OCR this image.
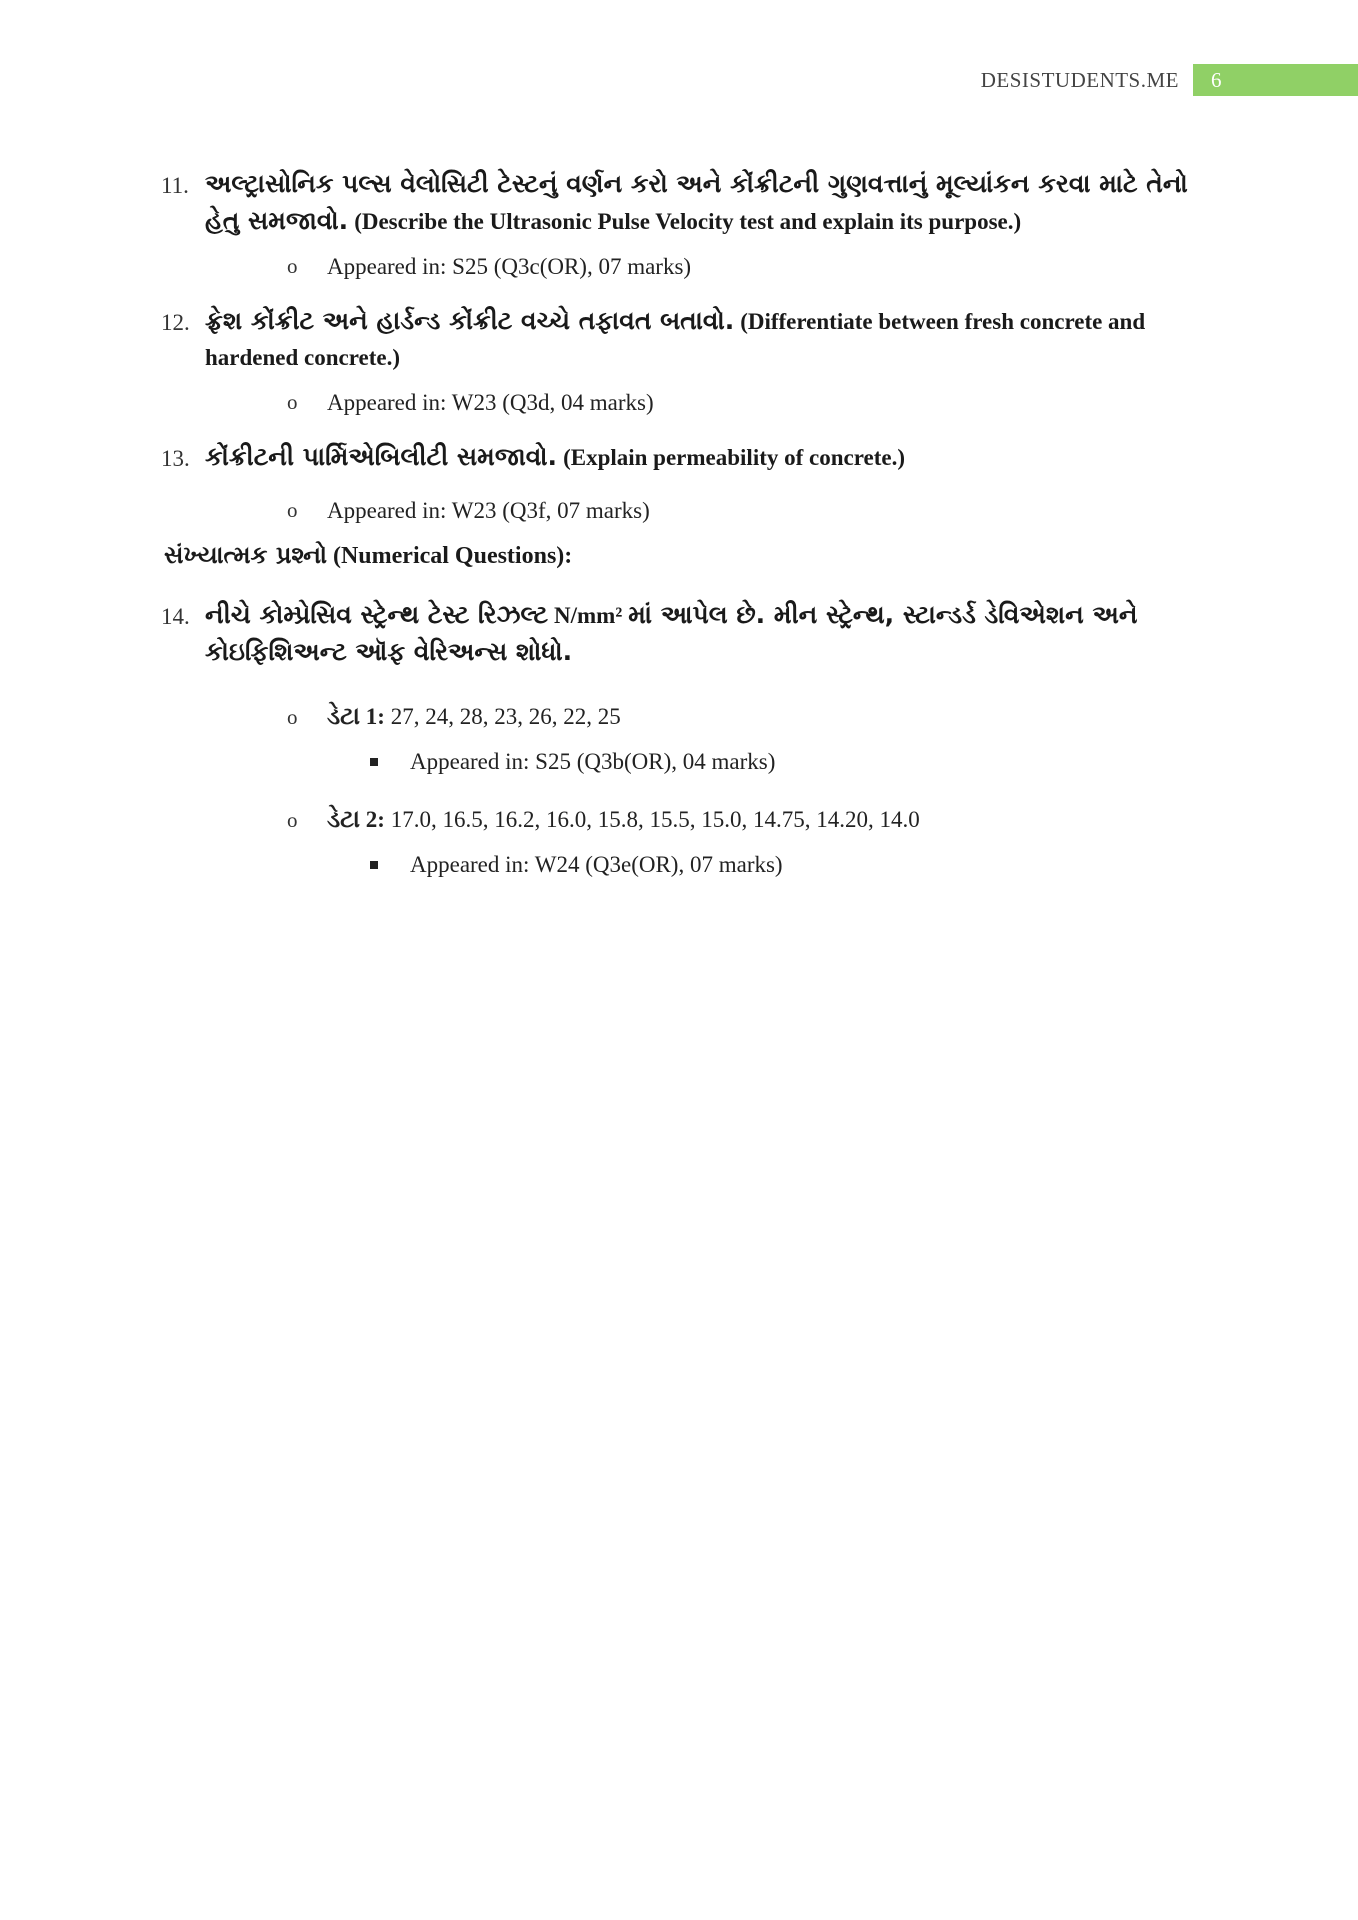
DESISTUDENTS.ME	6
11. અલ્ટ્રાસોનિક પલ્સ વેલોસિટી ટેસ્ટનું વર્ણન કરો અને કોંક્રીટની ગુણવત્તાનું મૂલ્યાંકન કરવા માટે તેનો હેતુ સમજાવો. (Describe the Ultrasonic Pulse Velocity test and explain its purpose.)
o Appeared in: S25 (Q3c(OR), 07 marks)
12. ફ્રેશ કોંક્રીટ અને હાર્ડન્ડ કોંક્રીટ વચ્ચે તફાવત બતાવો. (Differentiate between fresh concrete and hardened concrete.)
o Appeared in: W23 (Q3d, 04 marks)
13. કોંક્રીટની પાર્મિએબિલીટી સમજાવો. (Explain permeability of concrete.)
o Appeared in: W23 (Q3f, 07 marks)
સંખ્યાત્મક પ્રશ્નો (Numerical Questions):
14. નીચે કોમ્પ્રેસિવ સ્ટ્રેન્થ ટેસ્ટ રિઝલ્ટ N/mm² માં આપેલ છે. મીન સ્ટ્રેન્થ, સ્ટાન્ડર્ડ ડેવિએશન અને
કોઇફિશિઅન્ટ ઑફ વેરિઅન્સ શોધો.
o ડેટા 1: 27, 24, 28, 23, 26, 22, 25
Appeared in: S25 (Q3b(OR), 04 marks)
o ડેટા 2: 17.0, 16.5, 16.2, 16.0, 15.8, 15.5, 15.0, 14.75, 14.20, 14.0
Appeared in: W24 (Q3e(OR), 07 marks)
